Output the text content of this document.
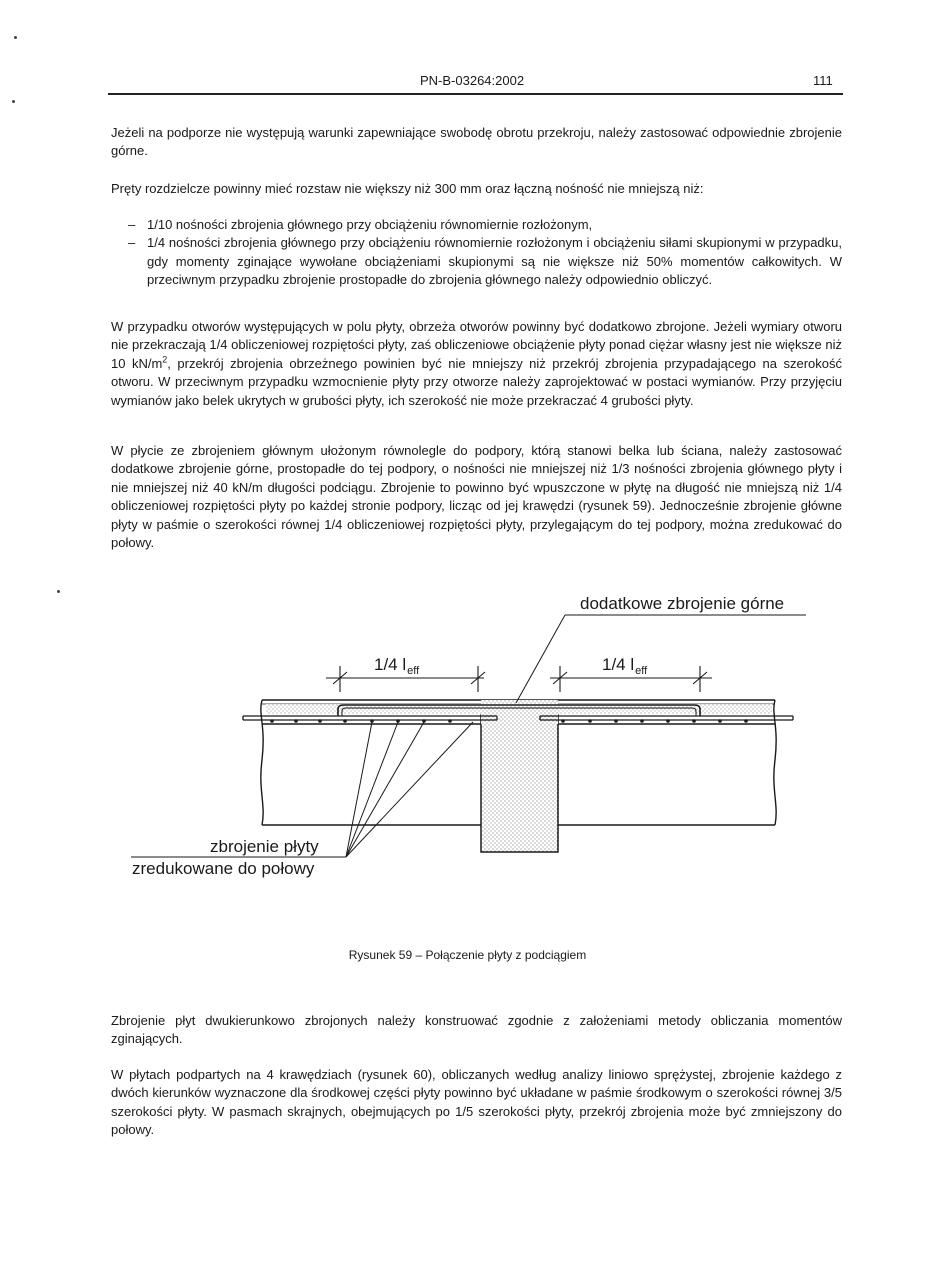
PN-B-03264:2002	111

Jeżeli na podporze nie występują warunki zapewniające swobodę obrotu przekroju, należy zastosować odpowiednie zbrojenie górne.

Pręty rozdzielcze powinny mieć rozstaw nie większy niż 300 mm oraz łączną nośność nie mniejszą niż:

– 1/10 nośności zbrojenia głównego przy obciążeniu równomiernie rozłożonym,
– 1/4 nośności zbrojenia głównego przy obciążeniu równomiernie rozłożonym i obciążeniu siłami skupionymi w przypadku, gdy momenty zginające wywołane obciążeniami skupionymi są nie większe niż 50% momentów całkowitych. W przeciwnym przypadku zbrojenie prostopadłe do zbrojenia głównego należy odpowiednio obliczyć.

W przypadku otworów występujących w polu płyty, obrzeża otworów powinny być dodatkowo zbrojone. Jeżeli wymiary otworu nie przekraczają 1/4 obliczeniowej rozpiętości płyty, zaś obliczeniowe obciążenie płyty ponad ciężar własny jest nie większe niż 10 $kN/m^2$, przekrój zbrojenia obrzeżnego powinien być nie mniejszy niż przekrój zbrojenia przypadającego na szerokość otworu. W przeciwnym przypadku wzmocnienie płyty przy otworze należy zaprojektować w postaci wymianów. Przy przyjęciu wymianów jako belek ukrytych w grubości płyty, ich szerokość nie może przekraczać 4 grubości płyty.

W płycie ze zbrojeniem głównym ułożonym równolegle do podpory, którą stanowi belka lub ściana, należy zastosować dodatkowe zbrojenie górne, prostopadłe do tej podpory, o nośności nie mniejszej niż 1/3 nośności zbrojenia głównego płyty i nie mniejszej niż 40 kN/m długości podciągu. Zbrojenie to powinno być wpuszczone w płytę na długość nie mniejszą niż 1/4 obliczeniowej rozpiętości płyty po każdej stronie podpory, licząc od jej krawędzi (rysunek 59). Jednocześnie zbrojenie główne płyty w paśmie o szerokości równej 1/4 obliczeniowej rozpiętości płyty, przylegającym do tej podpory, można zredukować do połowy.

1/4 $l_{eff}$	1/4 $l_{eff}$
dodatkowe zbrojenie górne
zbrojenie płyty
zredukowane do połowy
Rysunek 59 – Połączenie płyty z podciągiem

Zbrojenie płyt dwukierunkowo zbrojonych należy konstruować zgodnie z założeniami metody obliczania momentów zginających.

W płytach podpartych na 4 krawędziach (rysunek 60), obliczanych według analizy liniowo sprężystej, zbrojenie każdego z dwóch kierunków wyznaczone dla środkowej części płyty powinno być układane w paśmie środkowym o szerokości równej 3/5 szerokości płyty. W pasmach skrajnych, obejmujących po 1/5 szerokości płyty, przekrój zbrojenia może być zmniejszony do połowy.
